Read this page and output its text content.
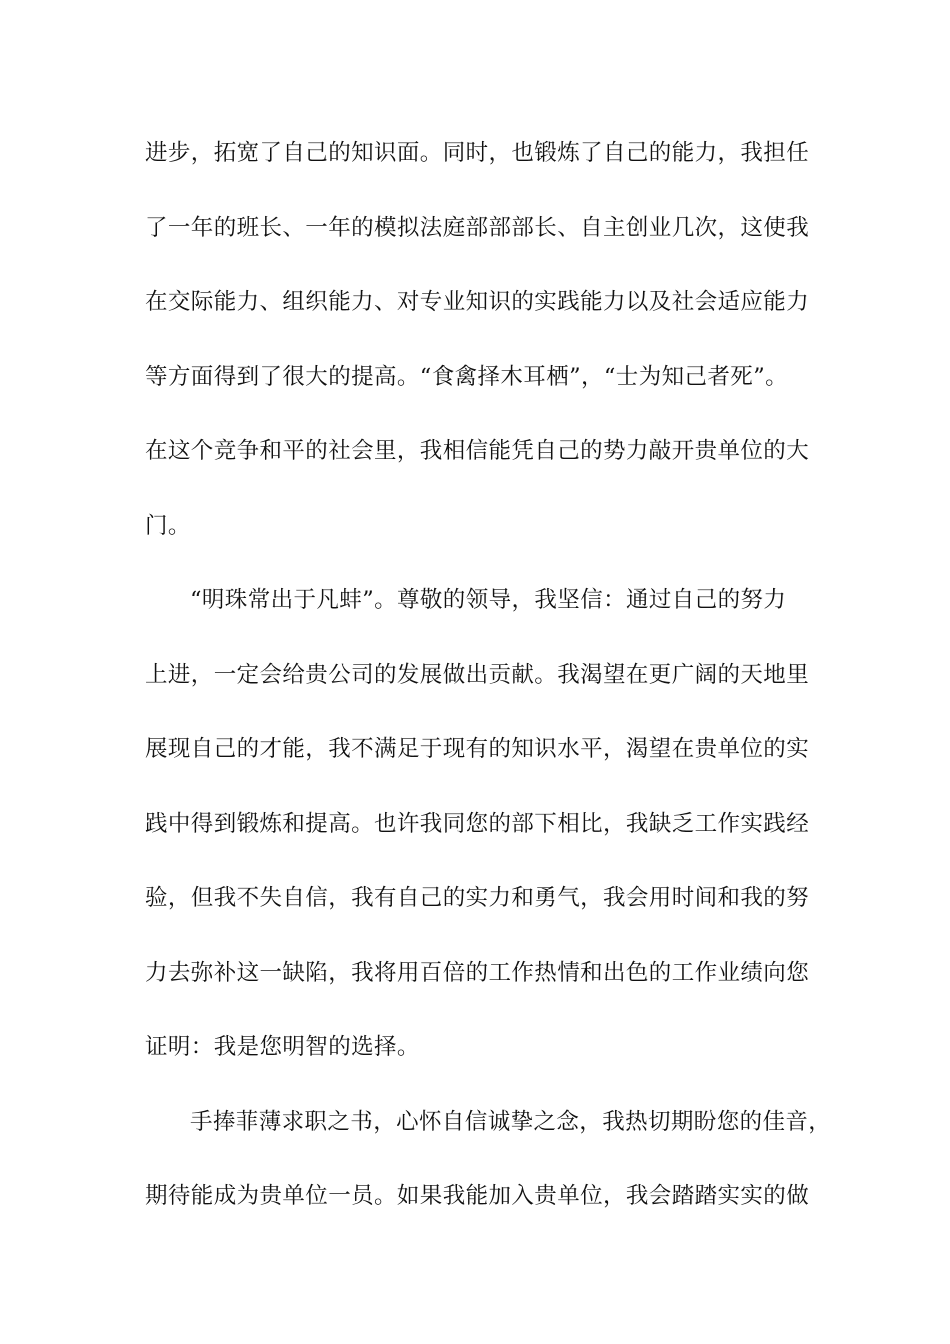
进步，拓宽了自己的知识面。同时，也锻炼了自己的能力，我担任
了一年的班长、一年的模拟法庭部部部长、自主创业几次，这使我
在交际能力、组织能力、对专业知识的实践能力以及社会适应能力
等方面得到了很大的提高。“食禽择木耳栖”，“士为知己者死”。
在这个竞争和平的社会里，我相信能凭自己的势力敲开贵单位的大
门。
“明珠常出于凡蚌”。尊敬的领导，我坚信：通过自己的努力
上进，一定会给贵公司的发展做出贡献。我渴望在更广阔的天地里
展现自己的才能，我不满足于现有的知识水平，渴望在贵单位的实
践中得到锻炼和提高。也许我同您的部下相比，我缺乏工作实践经
验，但我不失自信，我有自己的实力和勇气，我会用时间和我的努
力去弥补这一缺陷，我将用百倍的工作热情和出色的工作业绩向您
证明：我是您明智的选择。
手捧菲薄求职之书，心怀自信诚挚之念，我热切期盼您的佳音，
期待能成为贵单位一员。如果我能加入贵单位，我会踏踏实实的做
